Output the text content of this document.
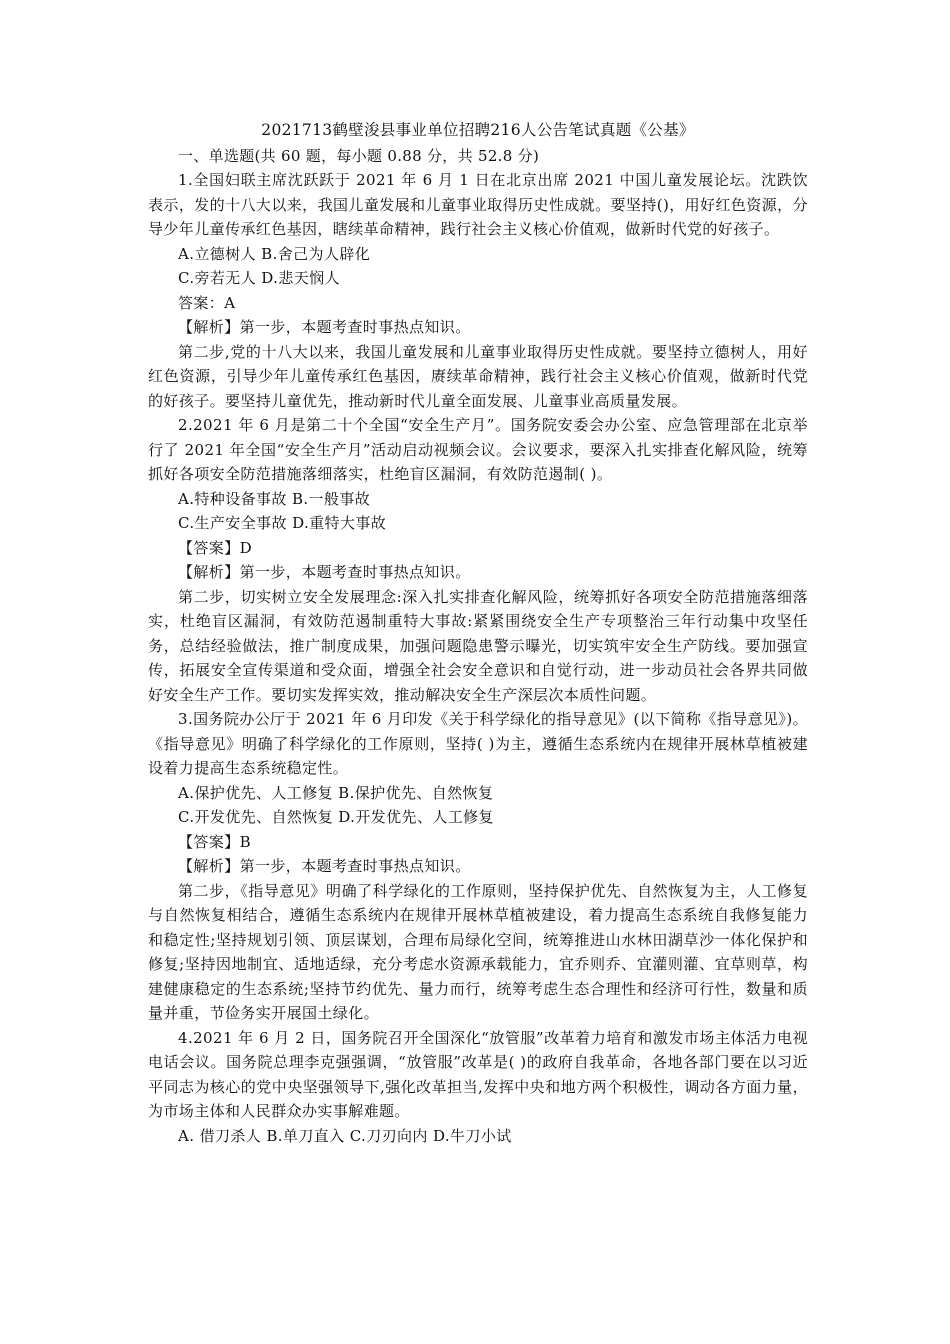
2021713鹤壁浚县事业单位招聘216人公告笔试真题《公基》

一、单选题(共 60 题，每小题 0.88 分，共 52.8 分)

1.全国妇联主席沈跃跃于 2021 年 6 月 1 日在北京出席 2021 中国儿童发展论坛。沈跌饮表示，发的十八大以来，我国儿童发展和儿童事业取得历史性成就。要坚持()，用好红色资源，分导少年儿童传承红色基因，瞎续革命精神，践行社会主义核心价值观，做新时代党的好孩子。

A.立德树人 B.舍己为人辟化

C.旁若无人 D.悲天悯人

答案：A

【解析】第一步，本题考查时事热点知识。

第二步,党的十八大以来，我国儿童发展和儿童事业取得历史性成就。要坚持立德树人，用好红色资源，引导少年儿童传承红色基因，赓续革命精神，践行社会主义核心价值观，做新时代党的好孩子。要坚持儿童优先，推动新时代儿童全面发展、儿童事业高质量发展。

2.2021 年 6 月是第二十个全国“安全生产月”。国务院安委会办公室、应急管理部在北京举行了 2021 年全国“安全生产月”活动启动视频会议。会议要求，要深入扎实排查化解风险，统筹抓好各项安全防范措施落细落实，杜绝盲区漏洞，有效防范遏制( )。

A.特种设备事故 B.一般事故

C.生产安全事故 D.重特大事故

【答案】D

【解析】第一步，本题考查时事热点知识。

第二步，切实树立安全发展理念:深入扎实排查化解风险，统筹抓好各项安全防范措施落细落实，杜绝盲区漏洞，有效防范遏制重特大事故:紧紧围绕安全生产专项整治三年行动集中攻坚任务，总结经验做法，推广制度成果，加强问题隐患警示曝光，切实筑牢安全生产防线。要加强宣传，拓展安全宣传渠道和受众面，增强全社会安全意识和自觉行动，进一步动员社会各界共同做好安全生产工作。要切实发挥实效，推动解决安全生产深层次本质性问题。

3.国务院办公厅于 2021 年 6 月印发《关于科学绿化的指导意见》(以下简称《指导意见》)。《指导意见》明确了科学绿化的工作原则，坚持( )为主，遵循生态系统内在规律开展林草植被建设着力提高生态系统稳定性。

A.保护优先、人工修复 B.保护优先、自然恢复

C.开发优先、自然恢复 D.开发优先、人工修复

【答案】B

【解析】第一步，本题考查时事热点知识。

第二步，《指导意见》明确了科学绿化的工作原则，坚持保护优先、自然恢复为主，人工修复与自然恢复相结合，遵循生态系统内在规律开展林草植被建设，着力提高生态系统自我修复能力和稳定性;坚持规划引领、顶层谋划，合理布局绿化空间，统筹推进山水林田湖草沙一体化保护和修复;坚持因地制宜、适地适绿，充分考虑水资源承载能力，宜乔则乔、宜灌则灌、宜草则草，构建健康稳定的生态系统;坚持节约优先、量力而行，统筹考虑生态合理性和经济可行性，数量和质量并重，节俭务实开展国土绿化。

4.2021 年 6 月 2 日，国务院召开全国深化“放管服”改革着力培育和激发市场主体活力电视电话会议。国务院总理李克强强调，“放管服”改革是( )的政府自我革命，各地各部门要在以习近平同志为核心的党中央坚强领导下,强化改革担当,发挥中央和地方两个积极性，调动各方面力量，为市场主体和人民群众办实事解难题。

A. 借刀杀人 B.单刀直入 C.刀刃向内 D.牛刀小试
